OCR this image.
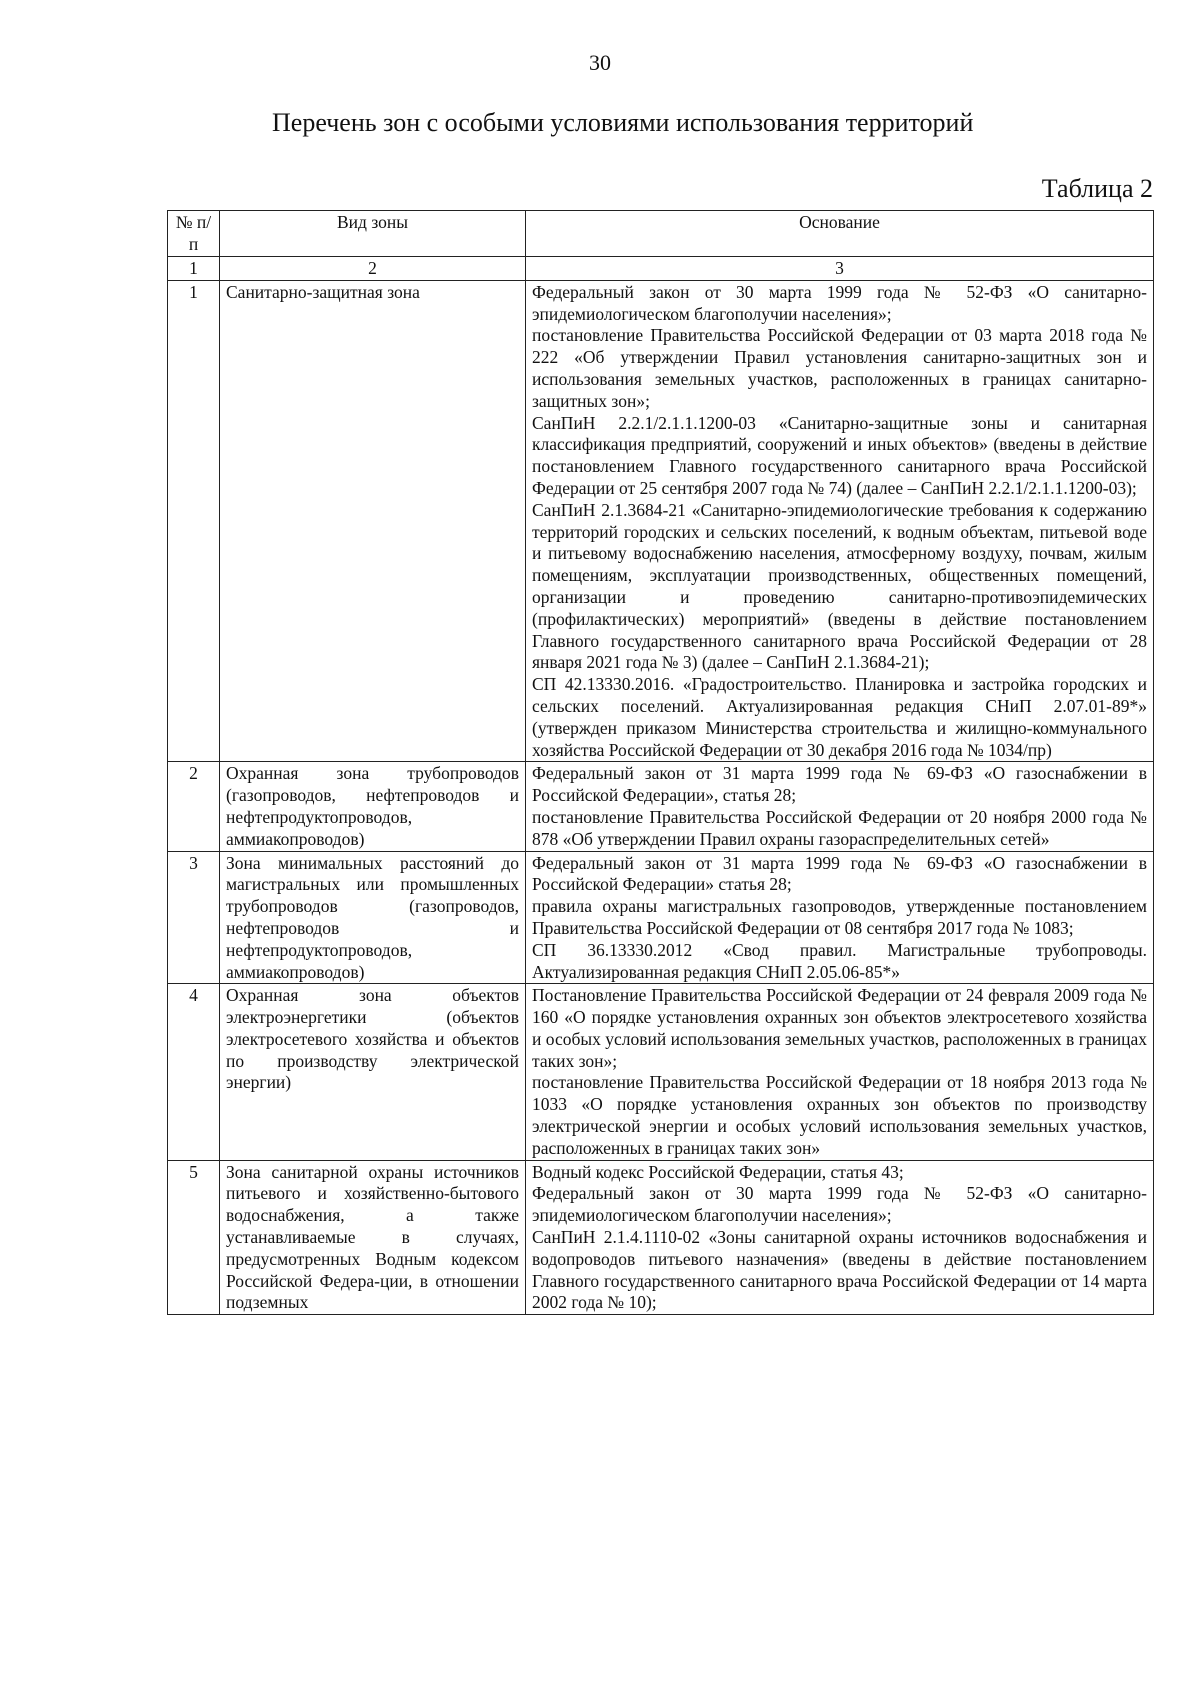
30
Перечень зон с особыми условиями использования территорий
Таблица 2
№ п/п	Вид зоны	Основание
1	2	3
1	Санитарно-защитная зона	Федеральный закон от 30 марта 1999 года № 52-ФЗ «О санитарно-эпидемиологическом благополучии населения»;
постановление Правительства Российской Федерации от 03 марта 2018 года № 222 «Об утверждении Правил установления санитарно-защитных зон и использования земельных участков, расположенных в границах санитарно-защитных зон»;
СанПиН 2.2.1/2.1.1.1200-03 «Санитарно-защитные зоны и санитарная классификация предприятий, сооружений и иных объектов» (введены в действие постановлением Главного государственного санитарного врача Российской Федерации от 25 сентября 2007 года № 74) (далее – СанПиН 2.2.1/2.1.1.1200-03);
СанПиН 2.1.3684-21 «Санитарно-эпидемиологические требования к содержанию территорий городских и сельских поселений, к водным объектам, питьевой воде и питьевому водоснабжению населения, атмосферному воздуху, почвам, жилым помещениям, эксплуатации производственных, общественных помещений, организации и проведению санитарно-противоэпидемических (профилактических) мероприятий» (введены в действие постановлением Главного государственного санитарного врача Российской Федерации от 28 января 2021 года № 3) (далее – СанПиН 2.1.3684-21);
СП 42.13330.2016. «Градостроительство. Планировка и застройка городских и сельских поселений. Актуализированная редакция СНиП 2.07.01-89*» (утвержден приказом Министерства строительства и жилищно-коммунального хозяйства Российской Федерации от 30 декабря 2016 года № 1034/пр)

2	Охранная зона трубопроводов (газопроводов, нефтепроводов и нефтепродуктопроводов, аммиакопроводов)	Федеральный закон от 31 марта 1999 года № 69-ФЗ «О газоснабжении в Российской Федерации», статья 28;
постановление Правительства Российской Федерации от 20 ноября 2000 года № 878 «Об утверждении Правил охраны газораспределительных сетей»

3	Зона минимальных расстояний до магистральных или промышленных трубопроводов (газопроводов, нефтепроводов и нефтепродуктопроводов, аммиакопроводов)	Федеральный закон от 31 марта 1999 года № 69-ФЗ «О газоснабжении в Российской Федерации» статья 28;
правила охраны магистральных газопроводов, утвержденные постановлением Правительства Российской Федерации от 08 сентября 2017 года № 1083;
СП 36.13330.2012 «Свод правил. Магистральные трубопроводы. Актуализированная редакция СНиП 2.05.06-85*»

4	Охранная зона объектов электроэнергетики (объектов электросетевого хозяйства и объектов по производству электрической энергии)	Постановление Правительства Российской Федерации от 24 февраля 2009 года № 160 «О порядке установления охранных зон объектов электросетевого хозяйства и особых условий использования земельных участков, расположенных в границах таких зон»;
постановление Правительства Российской Федерации от 18 ноября 2013 года № 1033 «О порядке установления охранных зон объектов по производству электрической энергии и особых условий использования земельных участков, расположенных в границах таких зон»

5	Зона санитарной охраны источников питьевого и хозяйственно-бытового водоснабжения, а также устанавливаемые в случаях, предусмотренных Водным кодексом Российской Федера-ции, в отношении подземных	Водный кодекс Российской Федерации, статья 43;
Федеральный закон от 30 марта 1999 года № 52-ФЗ «О санитарно-эпидемиологическом благополучии населения»;
СанПиН 2.1.4.1110-02 «Зоны санитарной охраны источников водоснабжения и водопроводов питьевого назначения» (введены в действие постановлением Главного государственного санитарного врача Российской Федерации от 14 марта 2002 года № 10);
